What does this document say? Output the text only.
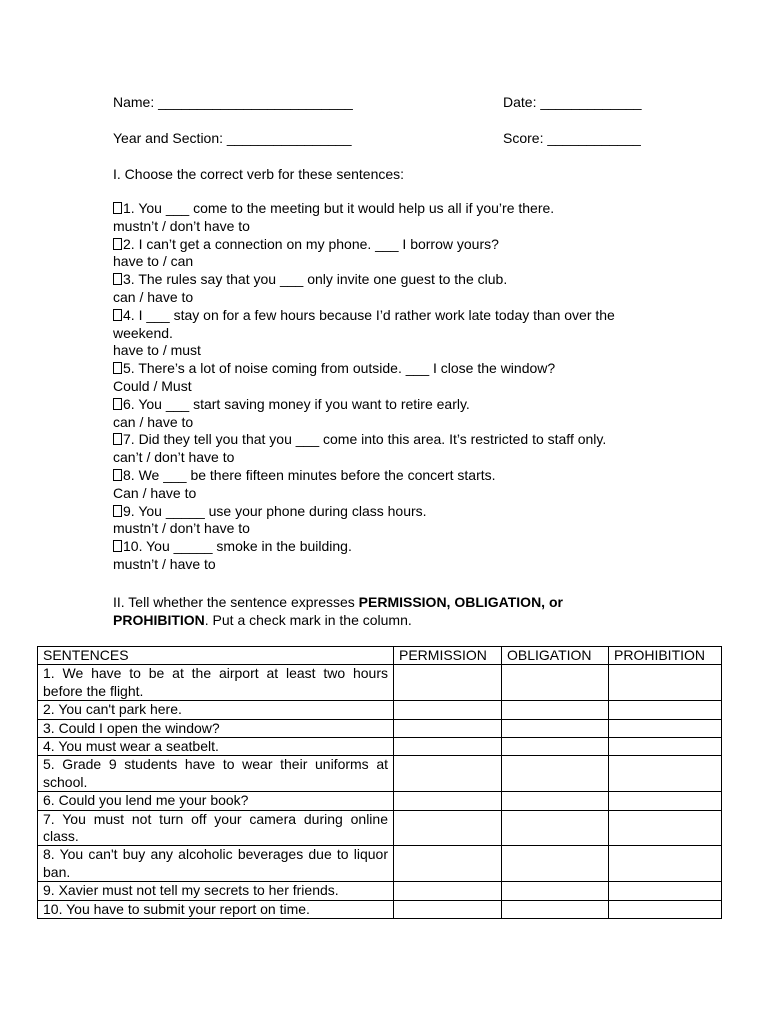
Name: _________________________	Date: _____________
Year and Section: ________________	Score: ____________
I. Choose the correct verb for these sentences:
1. You ___ come to the meeting but it would help us all if you’re there.
mustn’t / don’t have to
2. I can’t get a connection on my phone. ___ I borrow yours?
have to / can
3. The rules say that you ___ only invite one guest to the club.
can / have to
4. I ___ stay on for a few hours because I’d rather work late today than over the weekend.
have to / must
5. There’s a lot of noise coming from outside. ___ I close the window?
Could / Must
6. You ___ start saving money if you want to retire early.
can / have to
7. Did they tell you that you ___ come into this area. It’s restricted to staff only.
can’t / don’t have to
8. We ___ be there fifteen minutes before the concert starts.
Can / have to
9. You _____ use your phone during class hours.
mustn’t / don’t have to
10. You _____ smoke in the building.
mustn’t / have to
II. Tell whether the sentence expresses PERMISSION, OBLIGATION, or PROHIBITION. Put a check mark in the column.
SENTENCES	PERMISSION	OBLIGATION	PROHIBITION
1. We have to be at the airport at least two hours before the flight.			
2. You can't park here.			
3. Could I open the window?			
4. You must wear a seatbelt.			
5. Grade 9 students have to wear their uniforms at school.			
6. Could you lend me your book?			
7. You must not turn off your camera during online class.			
8. You can't buy any alcoholic beverages due to liquor ban.			
9. Xavier must not tell my secrets to her friends.			
10. You have to submit your report on time.			
